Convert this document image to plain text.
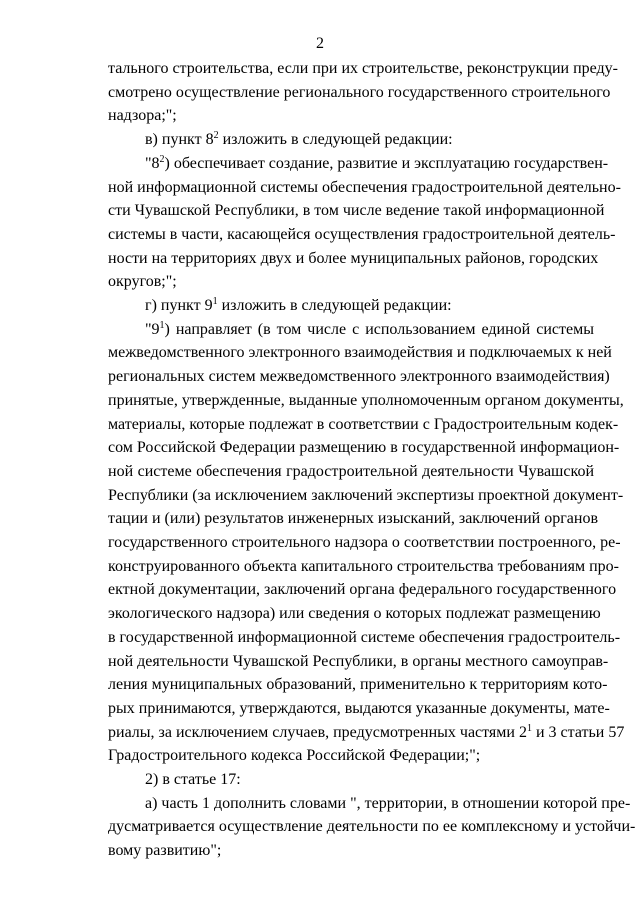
2
тального строительства, если при их строительстве, реконструкции преду-
смотрено осуществление регионального государственного строительного
надзора;";
в) пункт $8^2$ изложить в следующей редакции:
"$8^2$) обеспечивает создание, развитие и эксплуатацию государствен-
ной информационной системы обеспечения градостроительной деятельно-
сти Чувашской Республики, в том числе ведение такой информационной
системы в части, касающейся осуществления градостроительной деятель-
ности на территориях двух и более муниципальных районов, городских
округов;";
г) пункт $9^1$ изложить в следующей редакции:
"$9^1$) направляет (в том числе с использованием единой системы
межведомственного электронного взаимодействия и подключаемых к ней
региональных систем межведомственного электронного взаимодействия)
принятые, утвержденные, выданные уполномоченным органом документы,
материалы, которые подлежат в соответствии с Градостроительным кодек-
сом Российской Федерации размещению в государственной информацион-
ной системе обеспечения градостроительной деятельности Чувашской
Республики (за исключением заключений экспертизы проектной документ-
тации и (или) результатов инженерных изысканий, заключений органов
государственного строительного надзора о соответствии построенного, ре-
конструированного объекта капитального строительства требованиям про-
ектной документации, заключений органа федерального государственного
экологического надзора) или сведения о которых подлежат размещению
в государственной информационной системе обеспечения градостроитель-
ной деятельности Чувашской Республики, в органы местного самоуправ-
ления муниципальных образований, применительно к территориям кото-
рых принимаются, утверждаются, выдаются указанные документы, мате-
риалы, за исключением случаев, предусмотренных частями $2^1$ и 3 статьи 57
Градостроительного кодекса Российской Федерации;";
2) в статье 17:
а) часть 1 дополнить словами ", территории, в отношении которой пре-
дусматривается осуществление деятельности по ее комплексному и устойчи-
вому развитию";
